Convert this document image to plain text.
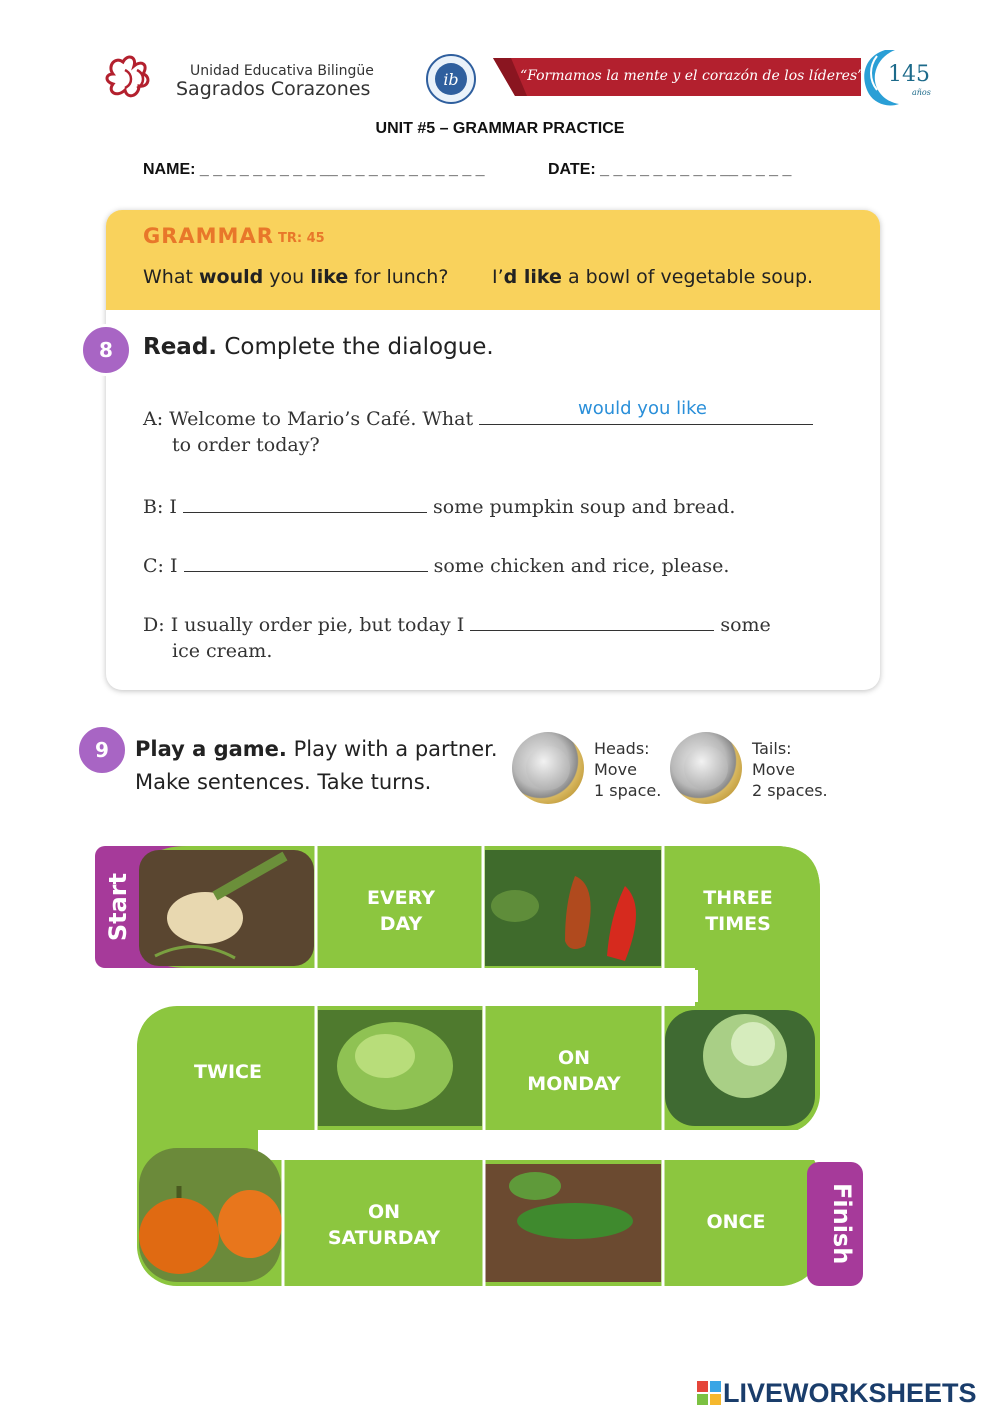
Unidad Educativa Bilingüe
Sagrados Corazones	ib	“Formamos la mente y el corazón de los líderes” 145
años
UNIT #5 – GRAMMAR PRACTICE
NAME: _ _ _ _ _ _ _ _ _ __ _ _ _ _ _ _ _ _ _ _ _	DATE: _ _ _ _ _ _ _ _ _ __ _ _ _ _
GRAMMAR TR: 45
What would you like for lunch? I’d like a bowl of vegetable soup.
8	Read. Complete the dialogue.
A: Welcome to Mario’s Café. What	would you like
to order today?
B: I	some pumpkin soup and bread.
C: I	some chicken and rice, please.
D: I usually order pie, but today I	some
ice cream.
9	Play a game. Play with a partner.
Make sentences. Take turns.
Heads:
Move
1 space.
Tails:
Move
2 spaces.
EVERY
DAY
THREE
TIMES
TWICE
ON
MONDAY
ON
SATURDAY
ONCE
Start
Finish
LIVEWORKSHEETS
